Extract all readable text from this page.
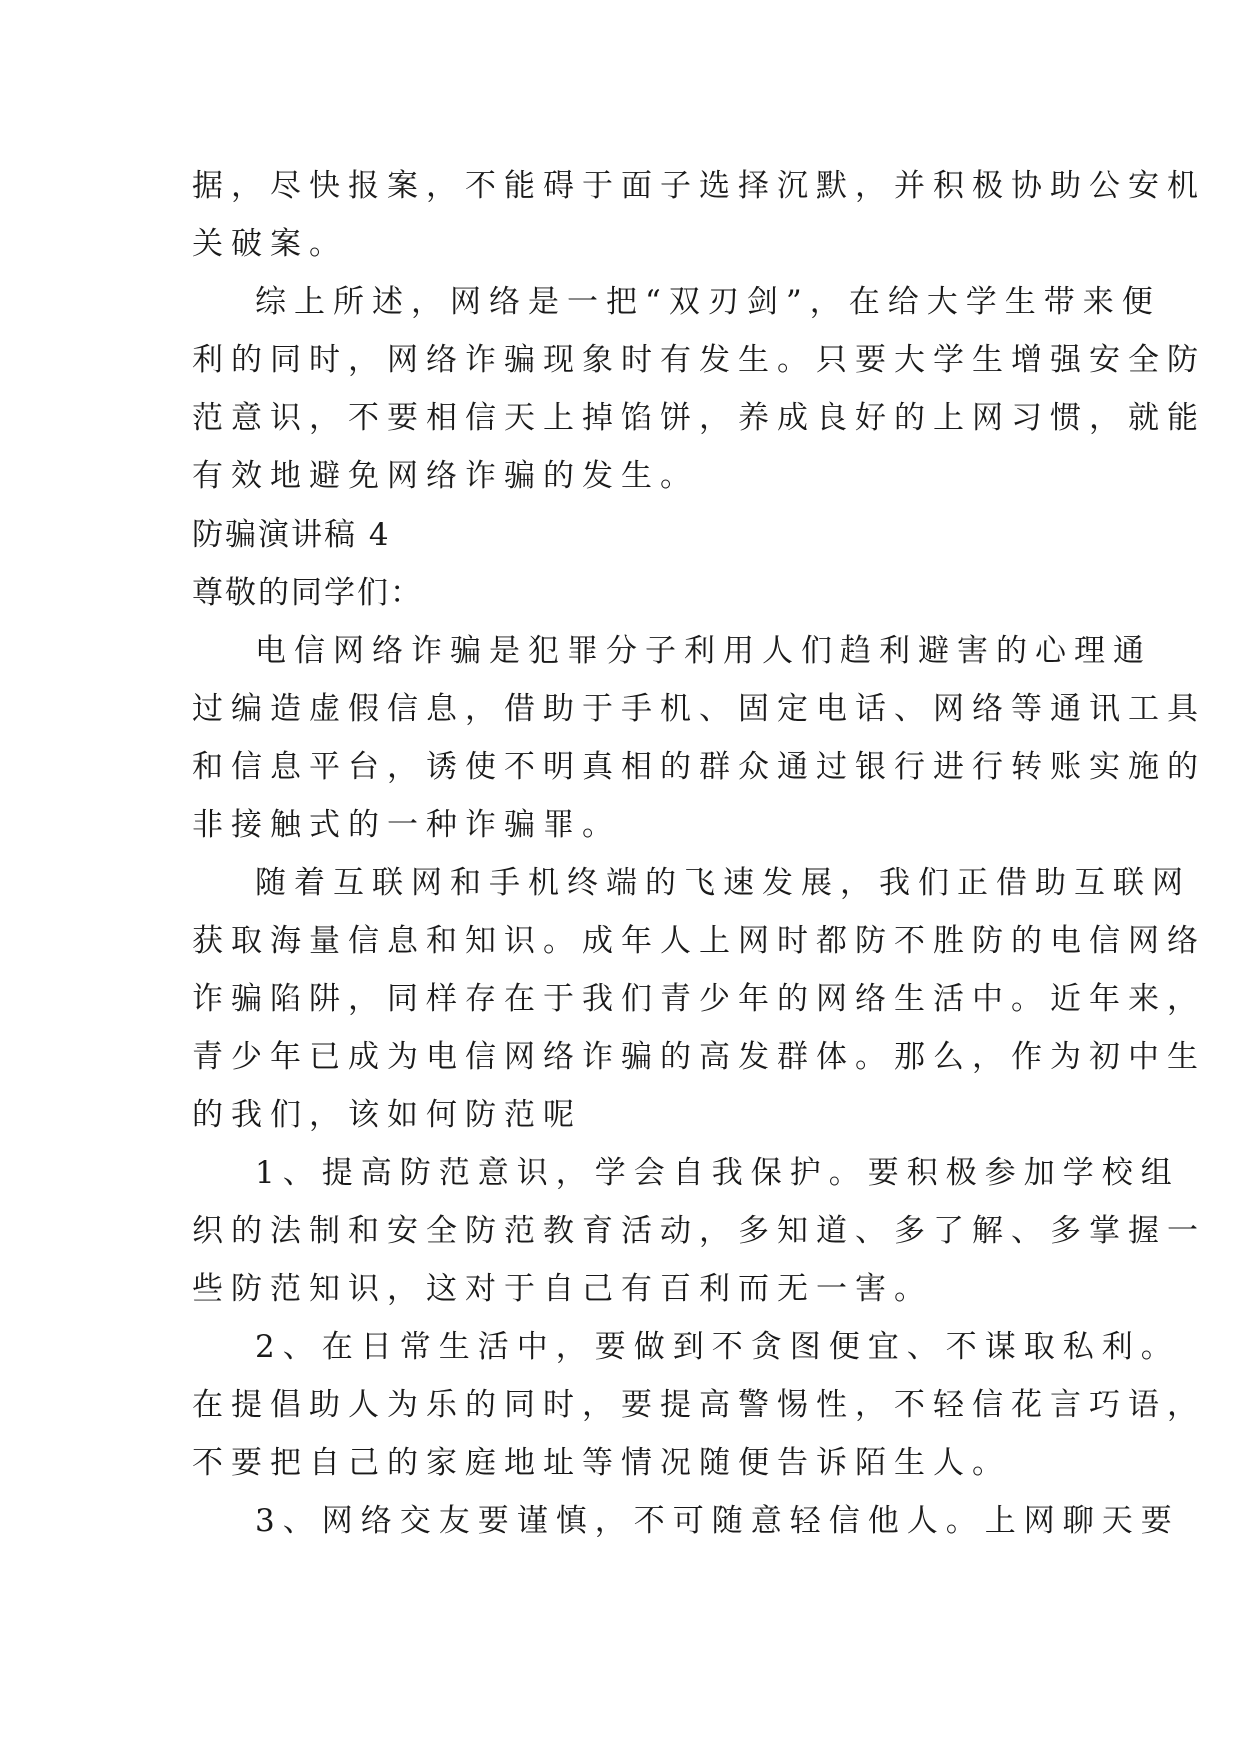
据，尽快报案，不能碍于面子选择沉默，并积极协助公安机
关破案。
综上所述，网络是一把“双刃剑”，在给大学生带来便
利的同时，网络诈骗现象时有发生。只要大学生增强安全防
范意识，不要相信天上掉馅饼，养成良好的上网习惯，就能
有效地避免网络诈骗的发生。
防骗演讲稿 4
尊敬的同学们：
电信网络诈骗是犯罪分子利用人们趋利避害的心理通
过编造虚假信息，借助于手机、固定电话、网络等通讯工具
和信息平台，诱使不明真相的群众通过银行进行转账实施的
非接触式的一种诈骗罪。
随着互联网和手机终端的飞速发展，我们正借助互联网
获取海量信息和知识。成年人上网时都防不胜防的电信网络
诈骗陷阱，同样存在于我们青少年的网络生活中。近年来，
青少年已成为电信网络诈骗的高发群体。那么，作为初中生
的我们，该如何防范呢
1、提高防范意识，学会自我保护。要积极参加学校组
织的法制和安全防范教育活动，多知道、多了解、多掌握一
些防范知识，这对于自己有百利而无一害。
2、在日常生活中，要做到不贪图便宜、不谋取私利。
在提倡助人为乐的同时，要提高警惕性，不轻信花言巧语，
不要把自己的家庭地址等情况随便告诉陌生人。
3、网络交友要谨慎，不可随意轻信他人。上网聊天要
